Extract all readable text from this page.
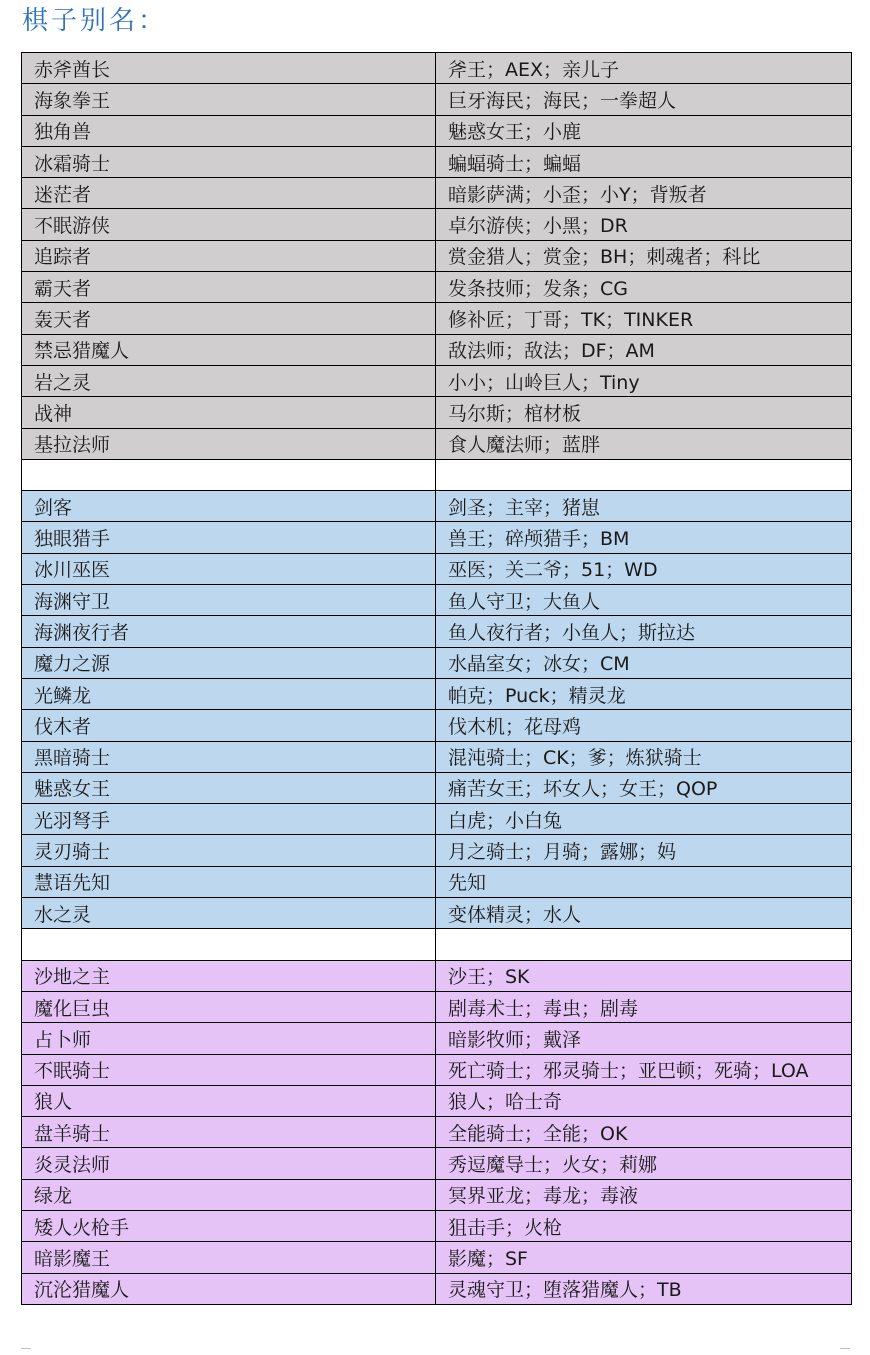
棋子别名：
赤斧酋长	斧王；AEX；亲儿子
海象拳王	巨牙海民；海民；一拳超人
独角兽	魅惑女王；小鹿
冰霜骑士	蝙蝠骑士；蝙蝠
迷茫者	暗影萨满；小歪；小Y；背叛者
不眠游侠	卓尔游侠；小黑；DR
追踪者	赏金猎人；赏金；BH；刺魂者；科比
霸天者	发条技师；发条；CG
轰天者	修补匠；丁哥；TK；TINKER
禁忌猎魔人	敌法师；敌法；DF；AM
岩之灵	小小；山岭巨人；Tiny
战神	马尔斯；棺材板
基拉法师	食人魔法师；蓝胖

剑客	剑圣；主宰；猪崽
独眼猎手	兽王；碎颅猎手；BM
冰川巫医	巫医；关二爷；51；WD
海渊守卫	鱼人守卫；大鱼人
海渊夜行者	鱼人夜行者；小鱼人；斯拉达
魔力之源	水晶室女；冰女；CM
光鳞龙	帕克；Puck；精灵龙
伐木者	伐木机；花母鸡
黑暗骑士	混沌骑士；CK；爹；炼狱骑士
魅惑女王	痛苦女王；坏女人；女王；QOP
光羽弩手	白虎；小白兔
灵刃骑士	月之骑士；月骑；露娜；妈
慧语先知	先知
水之灵	变体精灵；水人

沙地之主	沙王；SK
魔化巨虫	剧毒术士；毒虫；剧毒
占卜师	暗影牧师；戴泽
不眠骑士	死亡骑士；邪灵骑士；亚巴顿；死骑；LOA
狼人	狼人；哈士奇
盘羊骑士	全能骑士；全能；OK
炎灵法师	秀逗魔导士；火女；莉娜
绿龙	冥界亚龙；毒龙；毒液
矮人火枪手	狙击手；火枪
暗影魔王	影魔；SF
沉沦猎魔人	灵魂守卫；堕落猎魔人；TB
